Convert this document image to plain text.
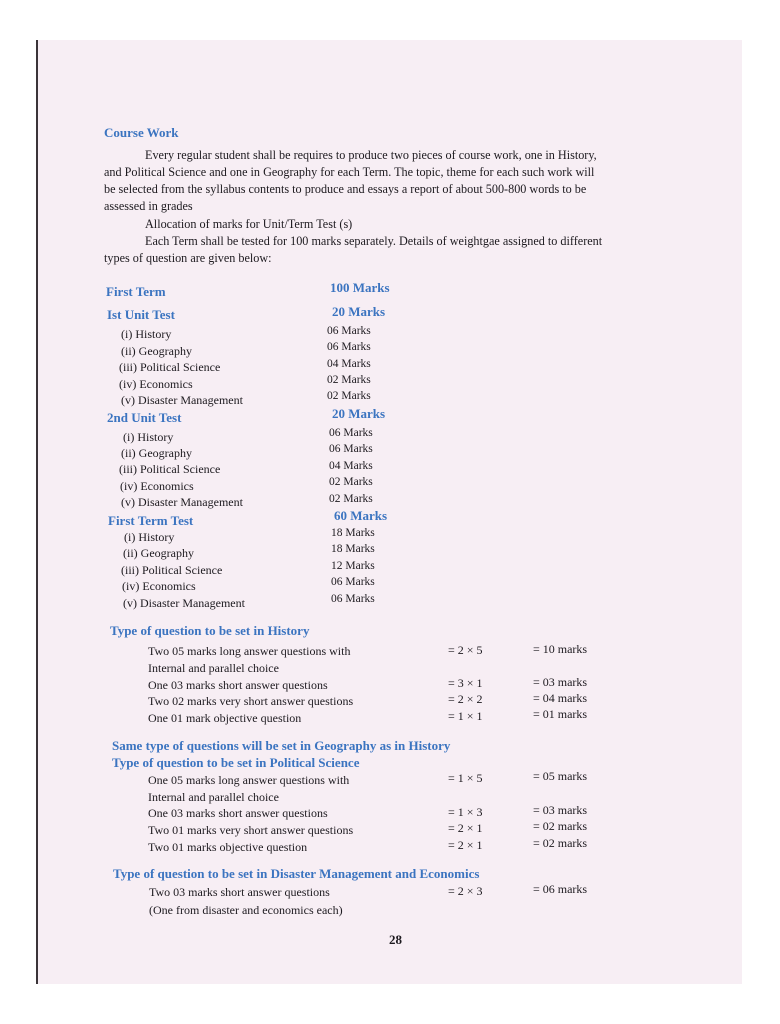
Course Work
Every regular student shall be requires to produce two pieces of course work, one in History,
and Political Science and one in Geography for each Term. The topic, theme for each such work will
be selected from the syllabus contents to produce and essays a report of about 500-800 words to be
assessed in grades
Allocation of marks for Unit/Term Test (s)
Each Term shall be tested for 100 marks separately. Details of weightgae assigned to different
types of question are given below:
First Term	100 Marks
Ist Unit Test	20 Marks
(i) History	06 Marks
(ii) Geography	06 Marks
(iii) Political Science	04 Marks
(iv) Economics	02 Marks
(v) Disaster Management	02 Marks
2nd Unit Test	20 Marks
(i) History	06 Marks
(ii) Geography	06 Marks
(iii) Political Science	04 Marks
(iv) Economics	02 Marks
(v) Disaster Management	02 Marks
First Term Test	60 Marks
(i) History	18 Marks
(ii) Geography	18 Marks
(iii) Political Science	12 Marks
(iv) Economics	06 Marks
(v) Disaster Management	06 Marks
Type of question to be set in History
Two 05 marks long answer questions with	= 2 × 5	= 10 marks
Internal and parallel choice
One 03 marks short answer questions	= 3 × 1	= 03 marks
Two 02 marks very short answer questions	= 2 × 2	= 04 marks
One 01 mark objective question	= 1 × 1	= 01 marks
Same type of questions will be set in Geography as in History
Type of question to be set in Political Science
One 05 marks long answer questions with	= 1 × 5	= 05 marks
Internal and parallel choice
One 03 marks short answer questions	= 1 × 3	= 03 marks
Two 01 marks very short answer questions	= 2 × 1	= 02 marks
Two 01 marks objective question	= 2 × 1	= 02 marks
Type of question to be set in Disaster Management and Economics
Two 03 marks short answer questions	= 2 × 3	= 06 marks
(One from disaster and economics each)
28
